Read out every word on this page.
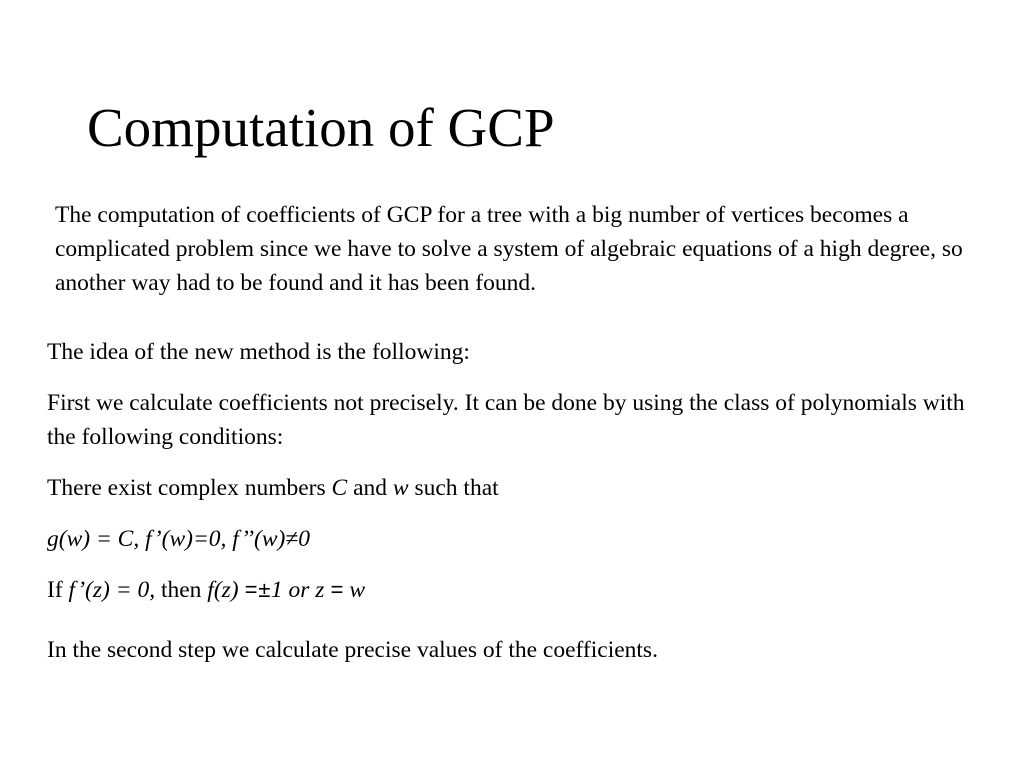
Computation of GCP

The computation of coefficients of GCP for a tree with a big number of vertices becomes a complicated problem since we have to solve a system of algebraic equations of a high degree, so another way had to be found and it has been found.

The idea of the new method is the following:

First we calculate coefficients not precisely. It can be done by using the class of polynomials with the following conditions:

There exist complex numbers C and w such that

g(w) = C, f’(w)=0, f’’(w)≠0

If f’(z) = 0, then f(z) =±1 or z = w

In the second step we calculate precise values of the coefficients.
